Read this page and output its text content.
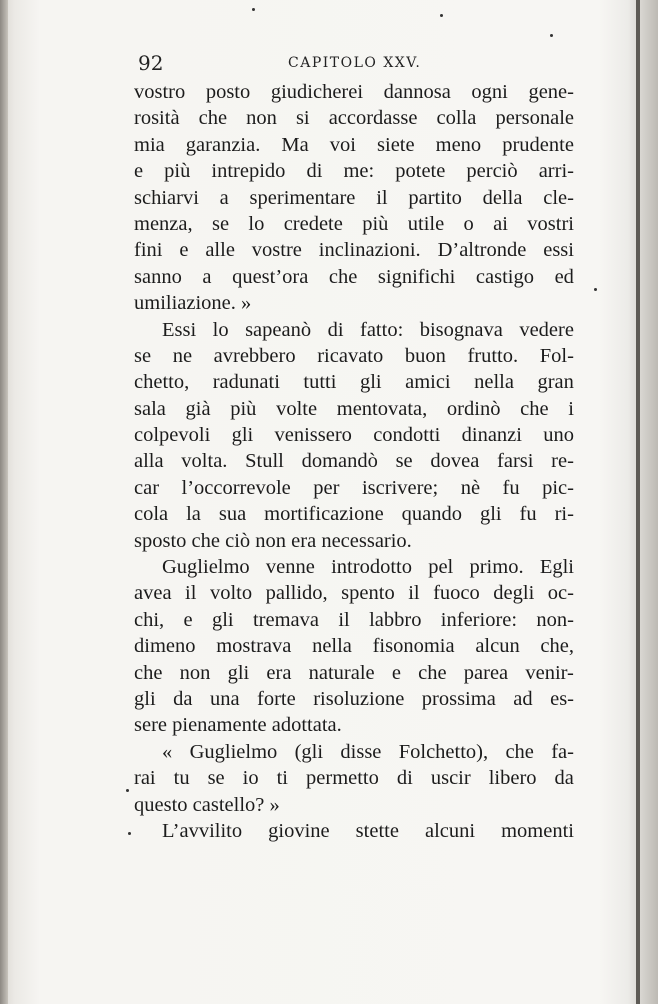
92	CAPITOLO XXV.
vostro posto giudicherei dannosa ogni gene-
rosità che non si accordasse colla personale
mia garanzia. Ma voi siete meno prudente
e più intrepido di me: potete perciò arri-
schiarvi a sperimentare il partito della cle-
menza, se lo credete più utile o ai vostri
fini e alle vostre inclinazioni. D’altronde essi
sanno a quest’ora che significhi castigo ed
umiliazione.
»
Essi lo sapeanò di fatto: bisognava vedere
se ne avrebbero ricavato buon frutto. Fol-
chetto, radunati tutti gli amici nella gran
sala già più volte mentovata, ordinò che i
colpevoli gli venissero condotti dinanzi uno
alla volta. Stull domandò se dovea farsi re-
car l’occorrevole per iscrivere; nè fu pic-
cola la sua mortificazione quando gli fu ri-
sposto
che
ciò
non
era
necessario.
Guglielmo venne introdotto pel primo. Egli
avea il volto pallido, spento il fuoco degli oc-
chi, e gli tremava il labbro inferiore: non-
dimeno mostrava nella fisonomia alcun che,
che non gli era naturale e che parea venir-
gli da una forte risoluzione prossima ad es-
sere
pienamente
adottata.
« Guglielmo (gli disse Folchetto), che fa-
rai tu se io ti permetto di uscir libero da
questo
castello?
»
L’avvilito giovine stette alcuni momenti
